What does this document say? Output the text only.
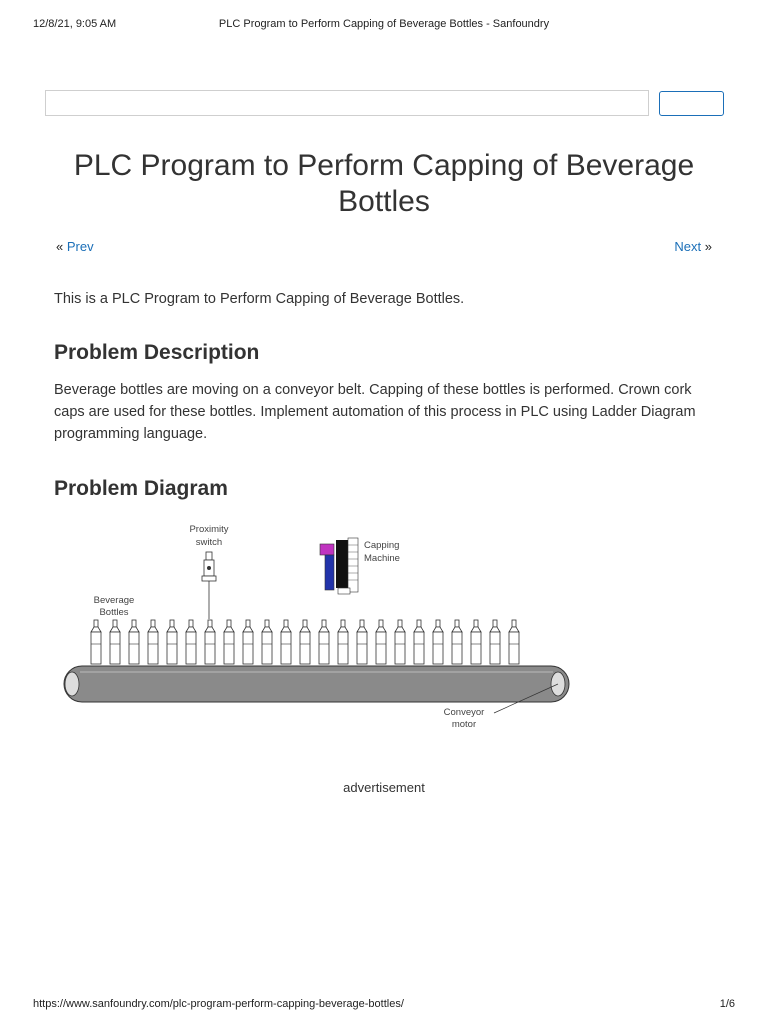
12/8/21, 9:05 AM	PLC Program to Perform Capping of Beverage Bottles - Sanfoundry
PLC Program to Perform Capping of Beverage Bottles
« Prev	Next »
This is a PLC Program to Perform Capping of Beverage Bottles.
Problem Description
Beverage bottles are moving on a conveyor belt. Capping of these bottles is performed. Crown cork caps are used for these bottles. Implement automation of this process in PLC using Ladder Diagram programming language.
Problem Diagram
Proximity
switch	Capping
Machine
Beverage
Bottles
Conveyor
motor
advertisement
https://www.sanfoundry.com/plc-program-perform-capping-beverage-bottles/	1/6
